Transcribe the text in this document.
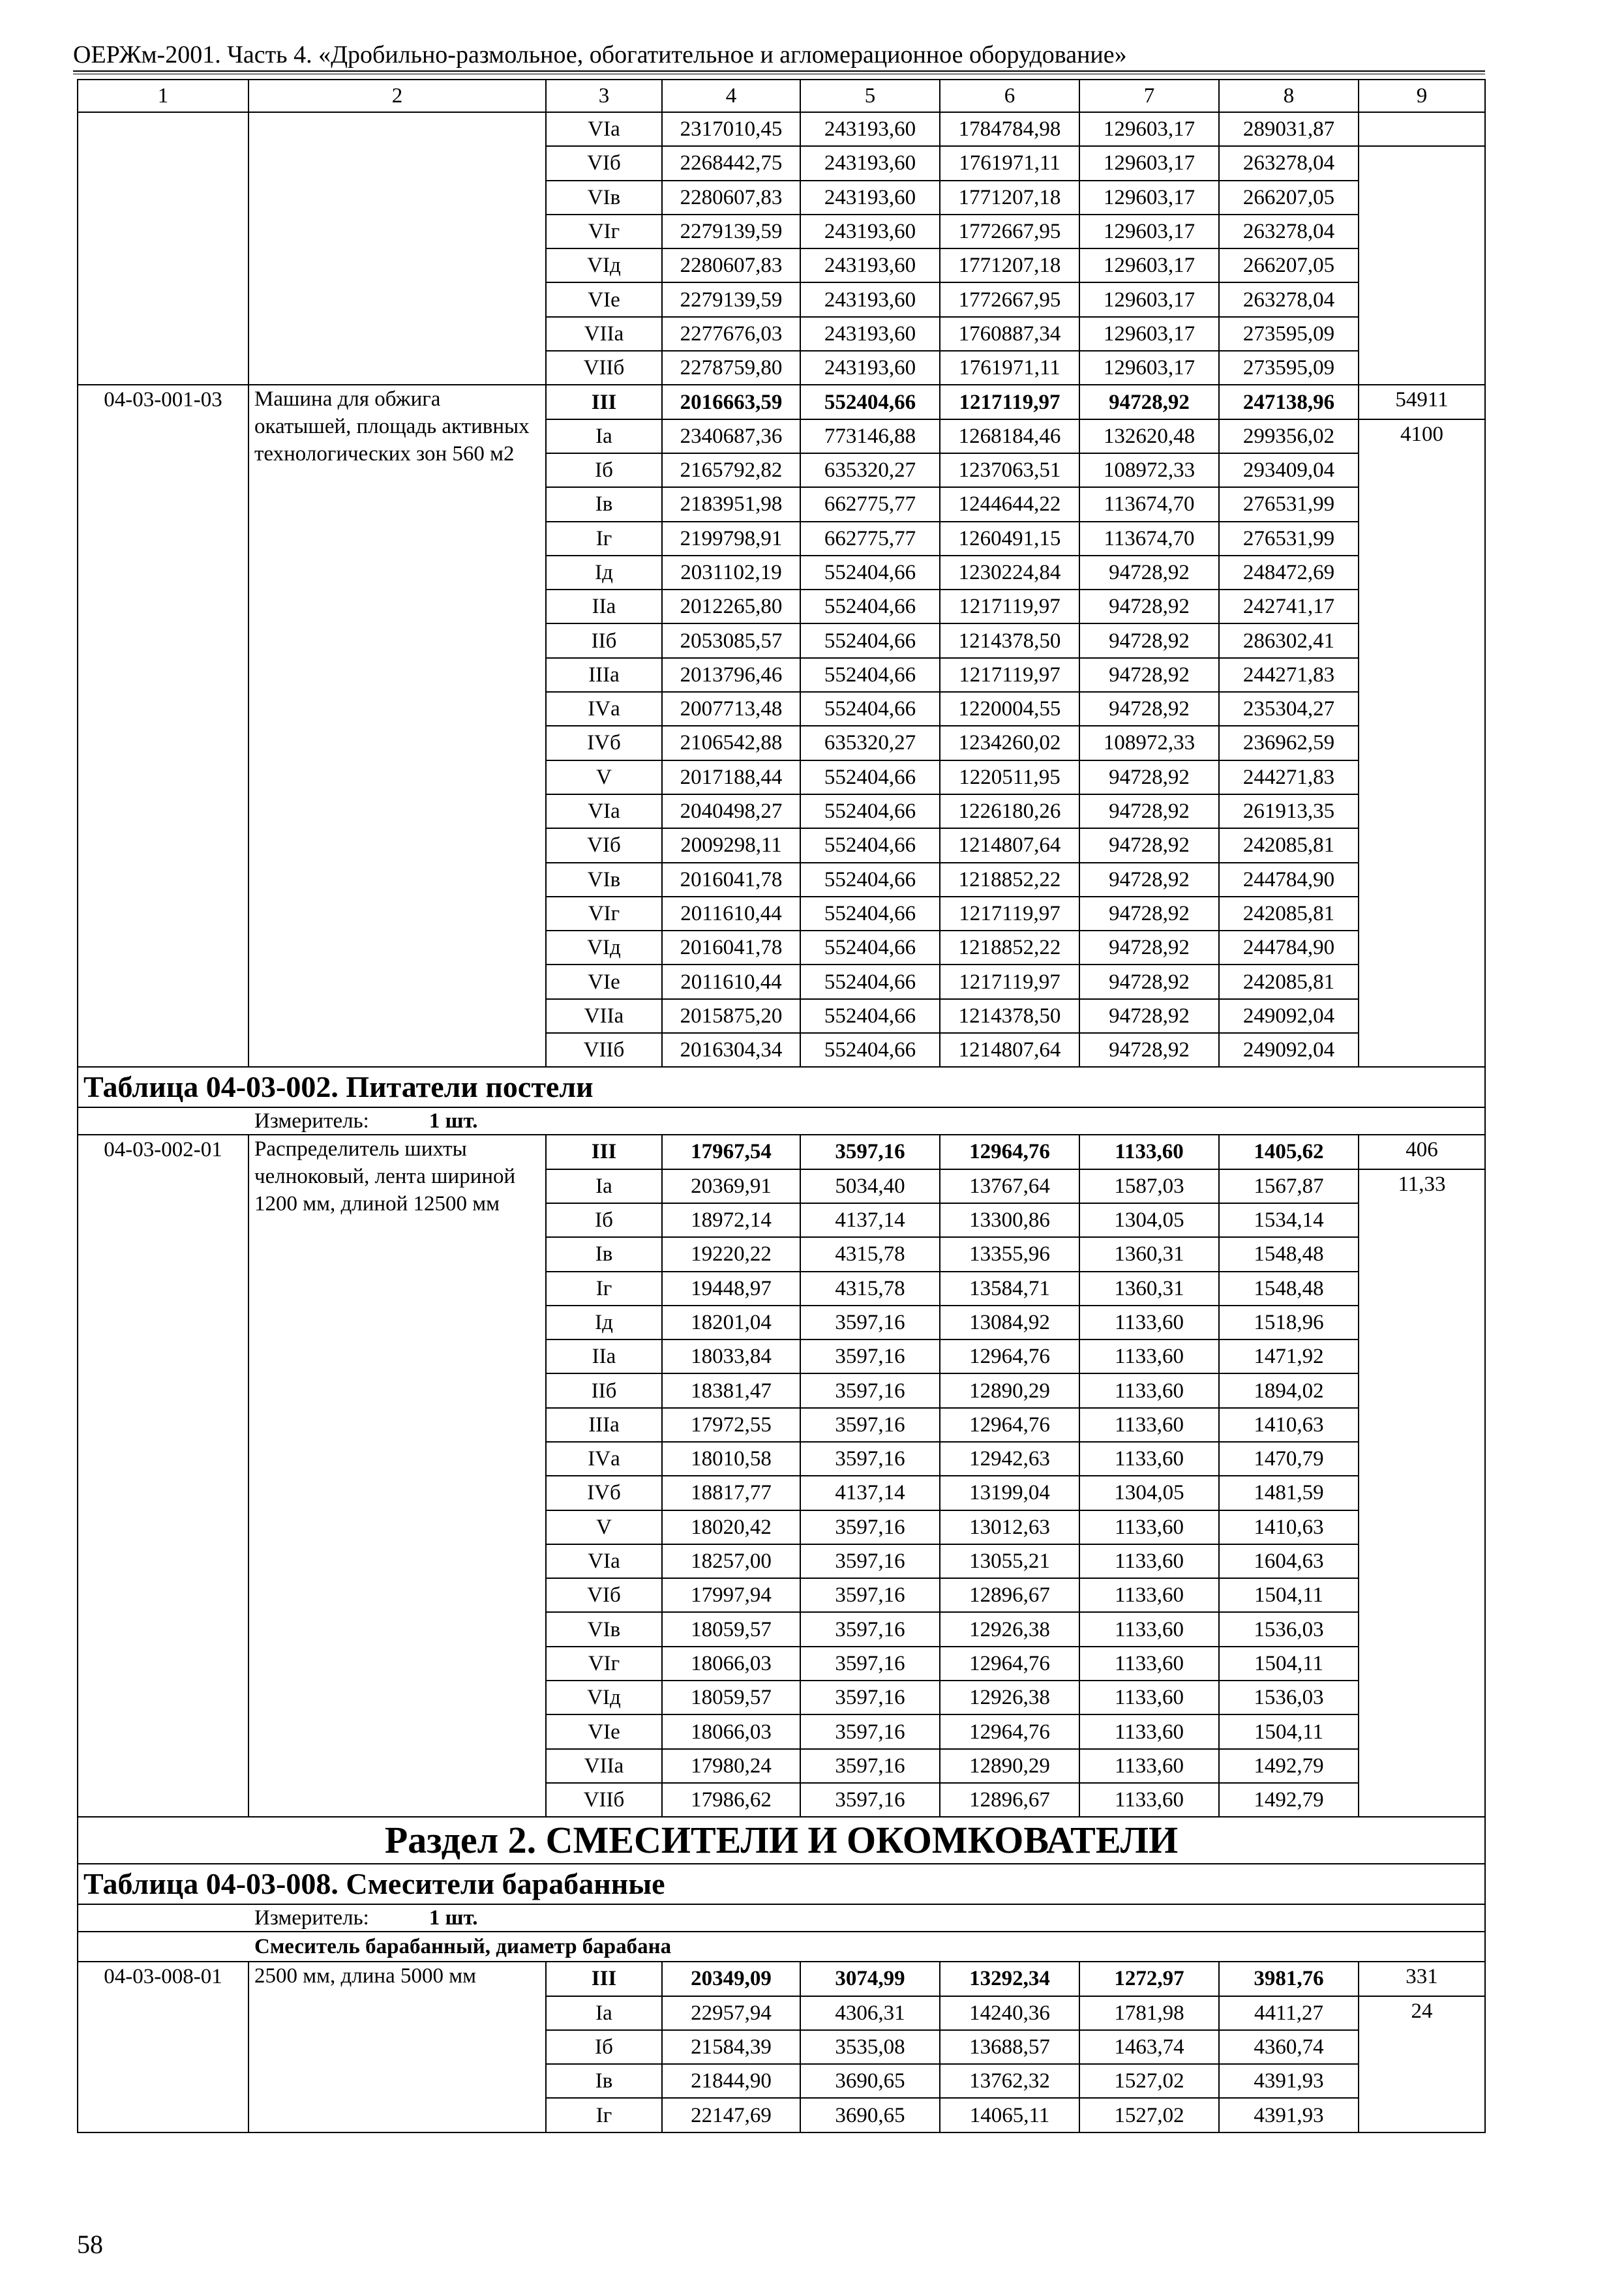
ОЕРЖм-2001. Часть 4. «Дробильно-размольное, обогатительное и агломерационное оборудование»
1	2	3	4	5	6	7	8	9
		VIа	2317010,45	243193,60	1784784,98	129603,17	289031,87	
		VIб	2268442,75	243193,60	1761971,11	129603,17	263278,04	
		VIв	2280607,83	243193,60	1771207,18	129603,17	266207,05	
		VIг	2279139,59	243193,60	1772667,95	129603,17	263278,04	
		VIд	2280607,83	243193,60	1771207,18	129603,17	266207,05	
		VIе	2279139,59	243193,60	1772667,95	129603,17	263278,04	
		VIIа	2277676,03	243193,60	1760887,34	129603,17	273595,09	
		VIIб	2278759,80	243193,60	1761971,11	129603,17	273595,09	
04-03-001-03	Машина для обжига окатышей, площадь активных технологических зон 560 м2	III	2016663,59	552404,66	1217119,97	94728,92	247138,96	54911
		Iа	2340687,36	773146,88	1268184,46	132620,48	299356,02	4100
		Iб	2165792,82	635320,27	1237063,51	108972,33	293409,04	
		Iв	2183951,98	662775,77	1244644,22	113674,70	276531,99	
		Iг	2199798,91	662775,77	1260491,15	113674,70	276531,99	
		Iд	2031102,19	552404,66	1230224,84	94728,92	248472,69	
		IIа	2012265,80	552404,66	1217119,97	94728,92	242741,17	
		IIб	2053085,57	552404,66	1214378,50	94728,92	286302,41	
		IIIа	2013796,46	552404,66	1217119,97	94728,92	244271,83	
		IVа	2007713,48	552404,66	1220004,55	94728,92	235304,27	
		IVб	2106542,88	635320,27	1234260,02	108972,33	236962,59	
		V	2017188,44	552404,66	1220511,95	94728,92	244271,83	
		VIа	2040498,27	552404,66	1226180,26	94728,92	261913,35	
		VIб	2009298,11	552404,66	1214807,64	94728,92	242085,81	
		VIв	2016041,78	552404,66	1218852,22	94728,92	244784,90	
		VIг	2011610,44	552404,66	1217119,97	94728,92	242085,81	
		VIд	2016041,78	552404,66	1218852,22	94728,92	244784,90	
		VIе	2011610,44	552404,66	1217119,97	94728,92	242085,81	
		VIIа	2015875,20	552404,66	1214378,50	94728,92	249092,04	
		VIIб	2016304,34	552404,66	1214807,64	94728,92	249092,04	
Таблица 04-03-002. Питатели постели								
Измеритель: 1 шт.								
04-03-002-01	Распределитель шихты челноковый, лента шириной 1200 мм, длиной 12500 мм	III	17967,54	3597,16	12964,76	1133,60	1405,62	406
		Iа	20369,91	5034,40	13767,64	1587,03	1567,87	11,33
		Iб	18972,14	4137,14	13300,86	1304,05	1534,14	
		Iв	19220,22	4315,78	13355,96	1360,31	1548,48	
		Iг	19448,97	4315,78	13584,71	1360,31	1548,48	
		Iд	18201,04	3597,16	13084,92	1133,60	1518,96	
		IIа	18033,84	3597,16	12964,76	1133,60	1471,92	
		IIб	18381,47	3597,16	12890,29	1133,60	1894,02	
		IIIа	17972,55	3597,16	12964,76	1133,60	1410,63	
		IVа	18010,58	3597,16	12942,63	1133,60	1470,79	
		IVб	18817,77	4137,14	13199,04	1304,05	1481,59	
		V	18020,42	3597,16	13012,63	1133,60	1410,63	
		VIа	18257,00	3597,16	13055,21	1133,60	1604,63	
		VIб	17997,94	3597,16	12896,67	1133,60	1504,11	
		VIв	18059,57	3597,16	12926,38	1133,60	1536,03	
		VIг	18066,03	3597,16	12964,76	1133,60	1504,11	
		VIд	18059,57	3597,16	12926,38	1133,60	1536,03	
		VIе	18066,03	3597,16	12964,76	1133,60	1504,11	
		VIIа	17980,24	3597,16	12890,29	1133,60	1492,79	
		VIIб	17986,62	3597,16	12896,67	1133,60	1492,79	
Раздел 2. СМЕСИТЕЛИ И ОКОМКОВАТЕЛИ								
Таблица 04-03-008. Смесители барабанные								
Измеритель: 1 шт.								
Смеситель барабанный, диаметр барабана								
04-03-008-01	2500 мм, длина 5000 мм	III	20349,09	3074,99	13292,34	1272,97	3981,76	331
		Iа	22957,94	4306,31	14240,36	1781,98	4411,27	24
		Iб	21584,39	3535,08	13688,57	1463,74	4360,74	
		Iв	21844,90	3690,65	13762,32	1527,02	4391,93	
		Iг	22147,69	3690,65	14065,11	1527,02	4391,93	
58
